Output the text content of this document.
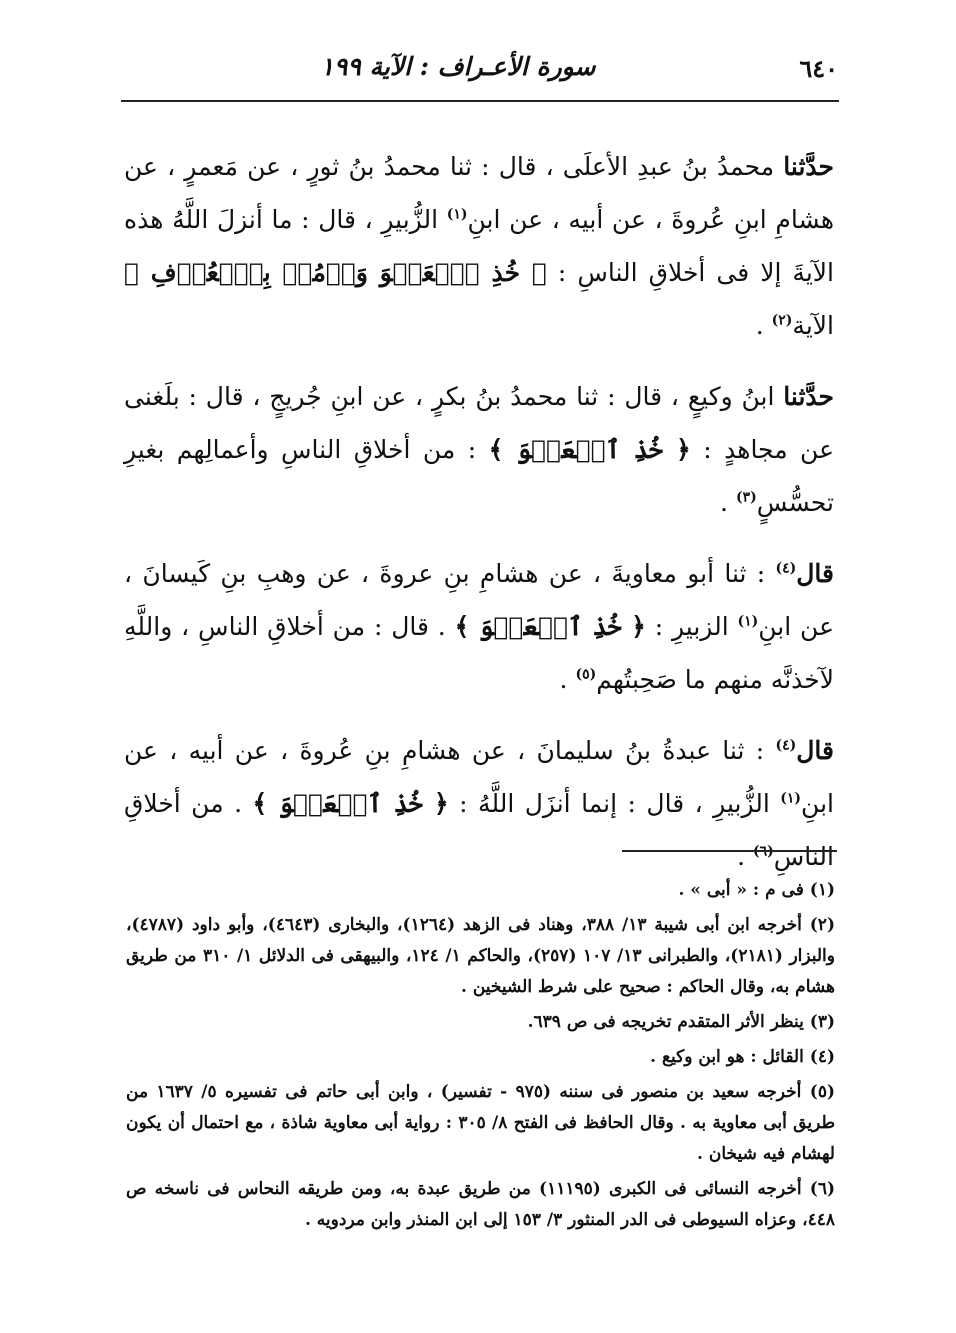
٦٤٠
سورة الأعـراف : الآية ١٩٩

حدَّثنا محمدُ بنُ عبدِ الأعلَى ، قال : ثنا محمدُ بنُ ثورٍ ، عن مَعمرٍ ، عن هشامِ ابنِ عُروةَ ، عن أبيه ، عن ابنِ$^{(١)}$ الزُّبيرِ ، قال : ما أنزلَ اللَّهُ هذه الآيةَ إلا فى أخلاقِ الناسِ : ﴿ خُذِ ٱلۡعَفۡوَ وَأۡمُرۡ بِٱلۡعُرۡفِ ﴾ الآية$^{(٢)}$ .

حدَّثنا ابنُ وكيعٍ ، قال : ثنا محمدُ بنُ بكرٍ ، عن ابنِ جُريجٍ ، قال : بلَغنى عن مجاهدٍ : ﴿ خُذِ ٱلۡعَفۡوَ ﴾ : من أخلاقِ الناسِ وأعمالِهم بغيرِ تحسُّسٍ$^{(٣)}$ .

قال$^{(٤)}$ : ثنا أبو معاويةَ ، عن هشامِ بنِ عروةَ ، عن وهبِ بنِ كَيسانَ ، عن ابنِ$^{(١)}$ الزبيرِ : ﴿ خُذِ ٱلۡعَفۡوَ ﴾ . قال : من أخلاقِ الناسِ ، واللَّهِ لآخذنَّه منهم ما صَحِبتُهم$^{(٥)}$ .

قال$^{(٤)}$ : ثنا عبدةُ بنُ سليمانَ ، عن هشامِ بنِ عُروةَ ، عن أبيه ، عن ابنِ$^{(١)}$ الزُّبيرِ ، قال : إنما أنزَل اللَّهُ : ﴿ خُذِ ٱلۡعَفۡوَ ﴾ . من أخلاقِ الناسِ$^{(٦)}$ .

(١) فى م : « أبى » .

(٢) أخرجه ابن أبى شيبة ١٣/ ٣٨٨، وهناد فى الزهد (١٢٦٤)، والبخارى (٤٦٤٣)، وأبو داود (٤٧٨٧)، والبزار (٢١٨١)، والطبرانى ١٣/ ١٠٧ (٢٥٧)، والحاكم ١/ ١٢٤، والبيهقى فى الدلائل ١/ ٣١٠ من طريق هشام به، وقال الحاكم : صحيح على شرط الشيخين .

(٣) ينظر الأثر المتقدم تخريجه فى ص ٦٣٩.

(٤) القائل : هو ابن وكيع .

(٥) أخرجه سعيد بن منصور فى سننه (٩٧٥ - تفسير) ، وابن أبى حاتم فى تفسيره ٥/ ١٦٣٧ من طريق أبى معاوية به . وقال الحافظ فى الفتح ٨/ ٣٠٥ : رواية أبى معاوية شاذة ، مع احتمال أن يكون لهشام فيه شيخان .

(٦) أخرجه النسائى فى الكبرى (١١١٩٥) من طريق عبدة به، ومن طريقه النحاس فى ناسخه ص ٤٤٨، وعزاه السيوطى فى الدر المنثور ٣/ ١٥٣ إلى ابن المنذر وابن مردويه .
